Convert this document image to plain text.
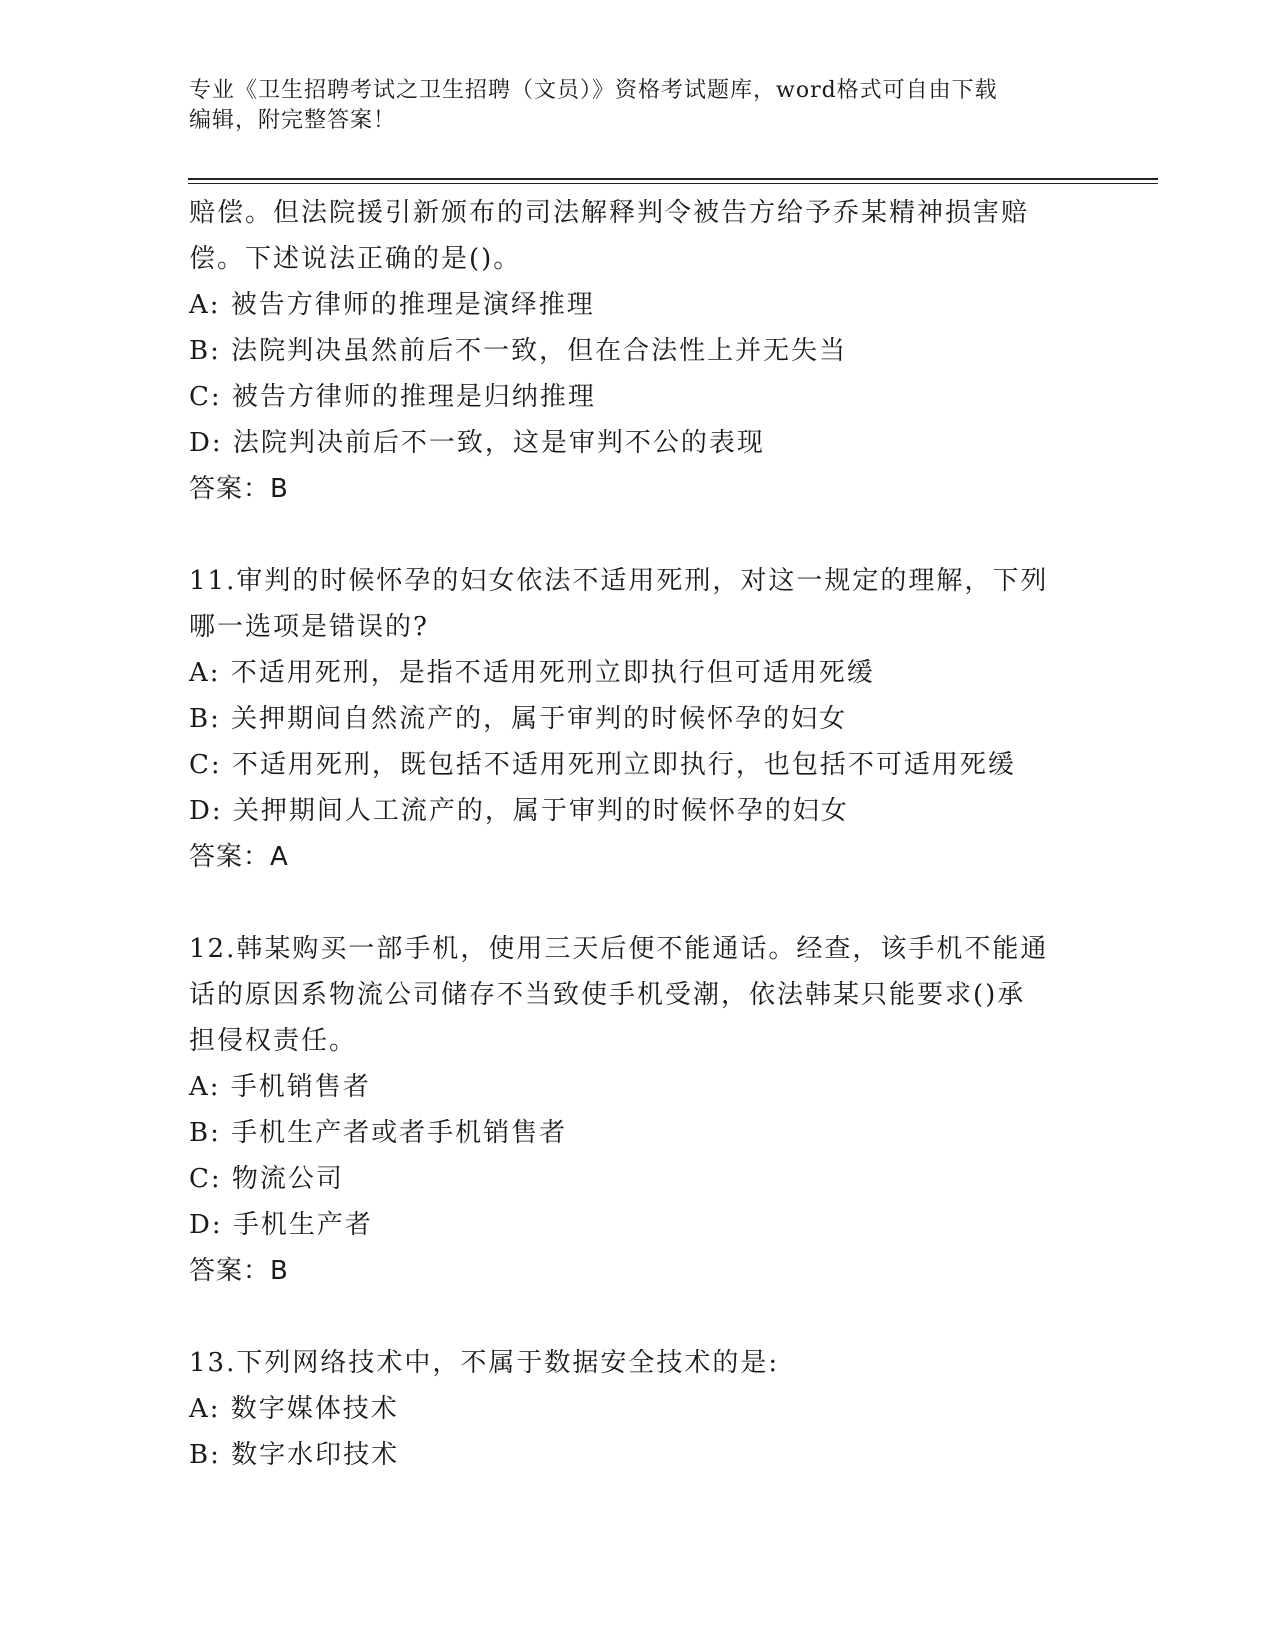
专业《卫生招聘考试之卫生招聘（文员）》资格考试题库，word格式可自由下载
编辑，附完整答案！
赔偿。但法院援引新颁布的司法解释判令被告方给予乔某精神损害赔
偿。下述说法正确的是()。
A: 被告方律师的推理是演绎推理
B: 法院判决虽然前后不一致，但在合法性上并无失当
C: 被告方律师的推理是归纳推理
D: 法院判决前后不一致，这是审判不公的表现
答案：B
11.审判的时候怀孕的妇女依法不适用死刑，对这一规定的理解，下列
哪一选项是错误的?
A: 不适用死刑，是指不适用死刑立即执行但可适用死缓
B: 关押期间自然流产的，属于审判的时候怀孕的妇女
C: 不适用死刑，既包括不适用死刑立即执行，也包括不可适用死缓
D: 关押期间人工流产的，属于审判的时候怀孕的妇女
答案：A
12.韩某购买一部手机，使用三天后便不能通话。经查，该手机不能通
话的原因系物流公司储存不当致使手机受潮，依法韩某只能要求()承
担侵权责任。
A: 手机销售者
B: 手机生产者或者手机销售者
C: 物流公司
D: 手机生产者
答案：B
13.下列网络技术中，不属于数据安全技术的是:
A: 数字媒体技术
B: 数字水印技术
